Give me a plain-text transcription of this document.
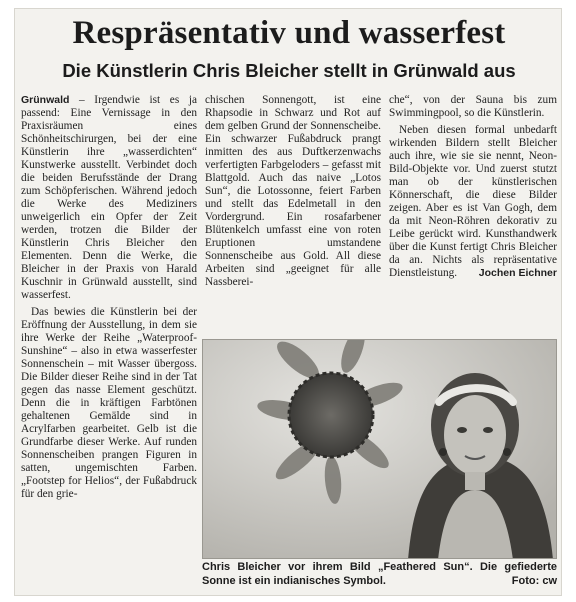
Respräsentativ und wasserfest
Die Künstlerin Chris Bleicher stellt in Grünwald aus

Grünwald – Irgendwie ist es ja passend: Eine Vernissage in den Praxisräumen eines Schönheitschirurgen, bei der eine Künstlerin ihre „wasserdichten“ Kunstwerke ausstellt. Verbindet doch die beiden Berufsstände der Drang zum Schöpferischen. Während jedoch die Werke des Mediziners unweigerlich ein Opfer der Zeit werden, trotzen die Bilder der Künstlerin Chris Bleicher den Elementen. Denn die Werke, die Bleicher in der Praxis von Harald Kuschnir in Grünwald ausstellt, sind wasserfest.

Das bewies die Künstlerin bei der Eröffnung der Ausstellung, in dem sie ihre Werke der Reihe „Waterproof-Sunshine“ – also in etwa wasserfester Sonnenschein – mit Wasser übergoss. Die Bilder dieser Reihe sind in der Tat gegen das nasse Element geschützt. Denn die in kräftigen Farbtönen gehaltenen Gemälde sind in Acrylfarben gearbeitet. Gelb ist die Grundfarbe dieser Werke. Auf runden Sonnenscheiben prangen Figuren in satten, ungemischten Farben. „Footstep for Helios“, der Fußabdruck für den grie-

chischen Sonnengott, ist eine Rhapsodie in Schwarz und Rot auf dem gelben Grund der Sonnenscheibe. Ein schwarzer Fußabdruck prangt inmitten des aus Duftkerzenwachs verfertigten Farbgeloders – gefasst mit Blattgold. Auch das naive „Lotos Sun“, die Lotossonne, feiert Farben und stellt das Edelmetall in den Vordergrund. Ein rosafarbener Blütenkelch umfasst eine von roten Eruptionen umstandene Sonnenscheibe aus Gold. All diese Arbeiten sind „geeignet für alle Nassberei-

che“, von der Sauna bis zum Swimmingpool, so die Künstlerin.

Neben diesen formal unbedarft wirkenden Bildern stellt Bleicher auch ihre, wie sie sie nennt, Neon-Bild-Objekte vor. Und zuerst stutzt man ob der künstlerischen Könnerschaft, die diese Bilder zeigen. Aber es ist Van Gogh, dem da mit Neon-Röhren dekorativ zu Leibe gerückt wird. Kunsthandwerk über die Kunst fertigt Chris Bleicher da an. Nichts als repräsentative Dienstleistung.	Jochen Eichner

Chris Bleicher vor ihrem Bild „Feathered Sun“. Die gefiederte Sonne ist ein indianisches Symbol.	Foto: cw
